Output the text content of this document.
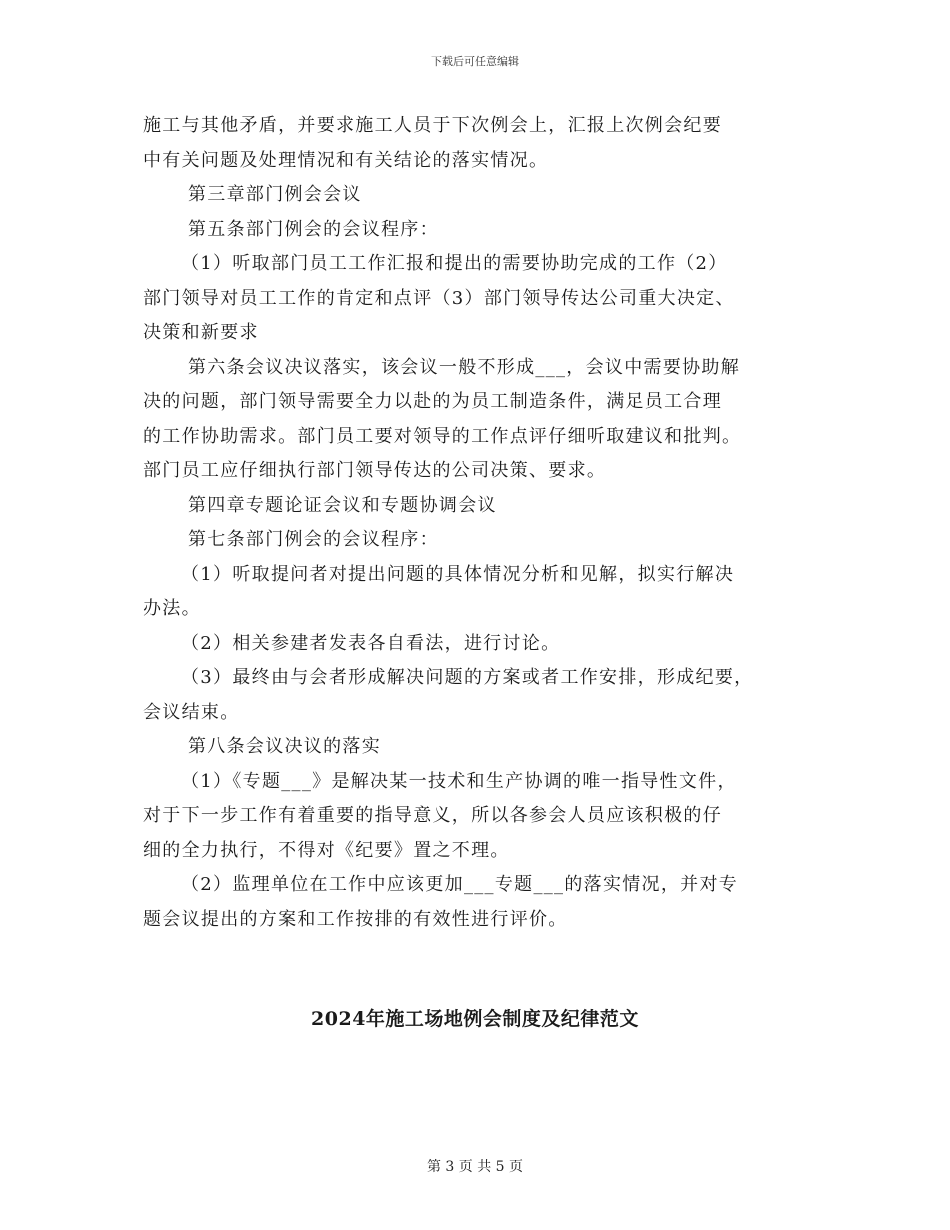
下载后可任意编辑
施工与其他矛盾，并要求施工人员于下次例会上，汇报上次例会纪要
中有关问题及处理情况和有关结论的落实情况。
第三章部门例会会议
第五条部门例会的会议程序：
（1）听取部门员工工作汇报和提出的需要协助完成的工作（2）
部门领导对员工工作的肯定和点评（3）部门领导传达公司重大决定、
决策和新要求
第六条会议决议落实，该会议一般不形成___，会议中需要协助解
决的问题，部门领导需要全力以赴的为员工制造条件，满足员工合理
的工作协助需求。部门员工要对领导的工作点评仔细听取建议和批判。
部门员工应仔细执行部门领导传达的公司决策、要求。
第四章专题论证会议和专题协调会议
第七条部门例会的会议程序：
（1）听取提问者对提出问题的具体情况分析和见解，拟实行解决
办法。
（2）相关参建者发表各自看法，进行讨论。
（3）最终由与会者形成解决问题的方案或者工作安排，形成纪要，
会议结束。
第八条会议决议的落实
（1）《专题___》是解决某一技术和生产协调的唯一指导性文件，
对于下一步工作有着重要的指导意义，所以各参会人员应该积极的仔
细的全力执行，不得对《纪要》置之不理。
（2）监理单位在工作中应该更加___专题___的落实情况，并对专
题会议提出的方案和工作按排的有效性进行评价。
2024年施工场地例会制度及纪律范文
第 3 页 共 5 页
